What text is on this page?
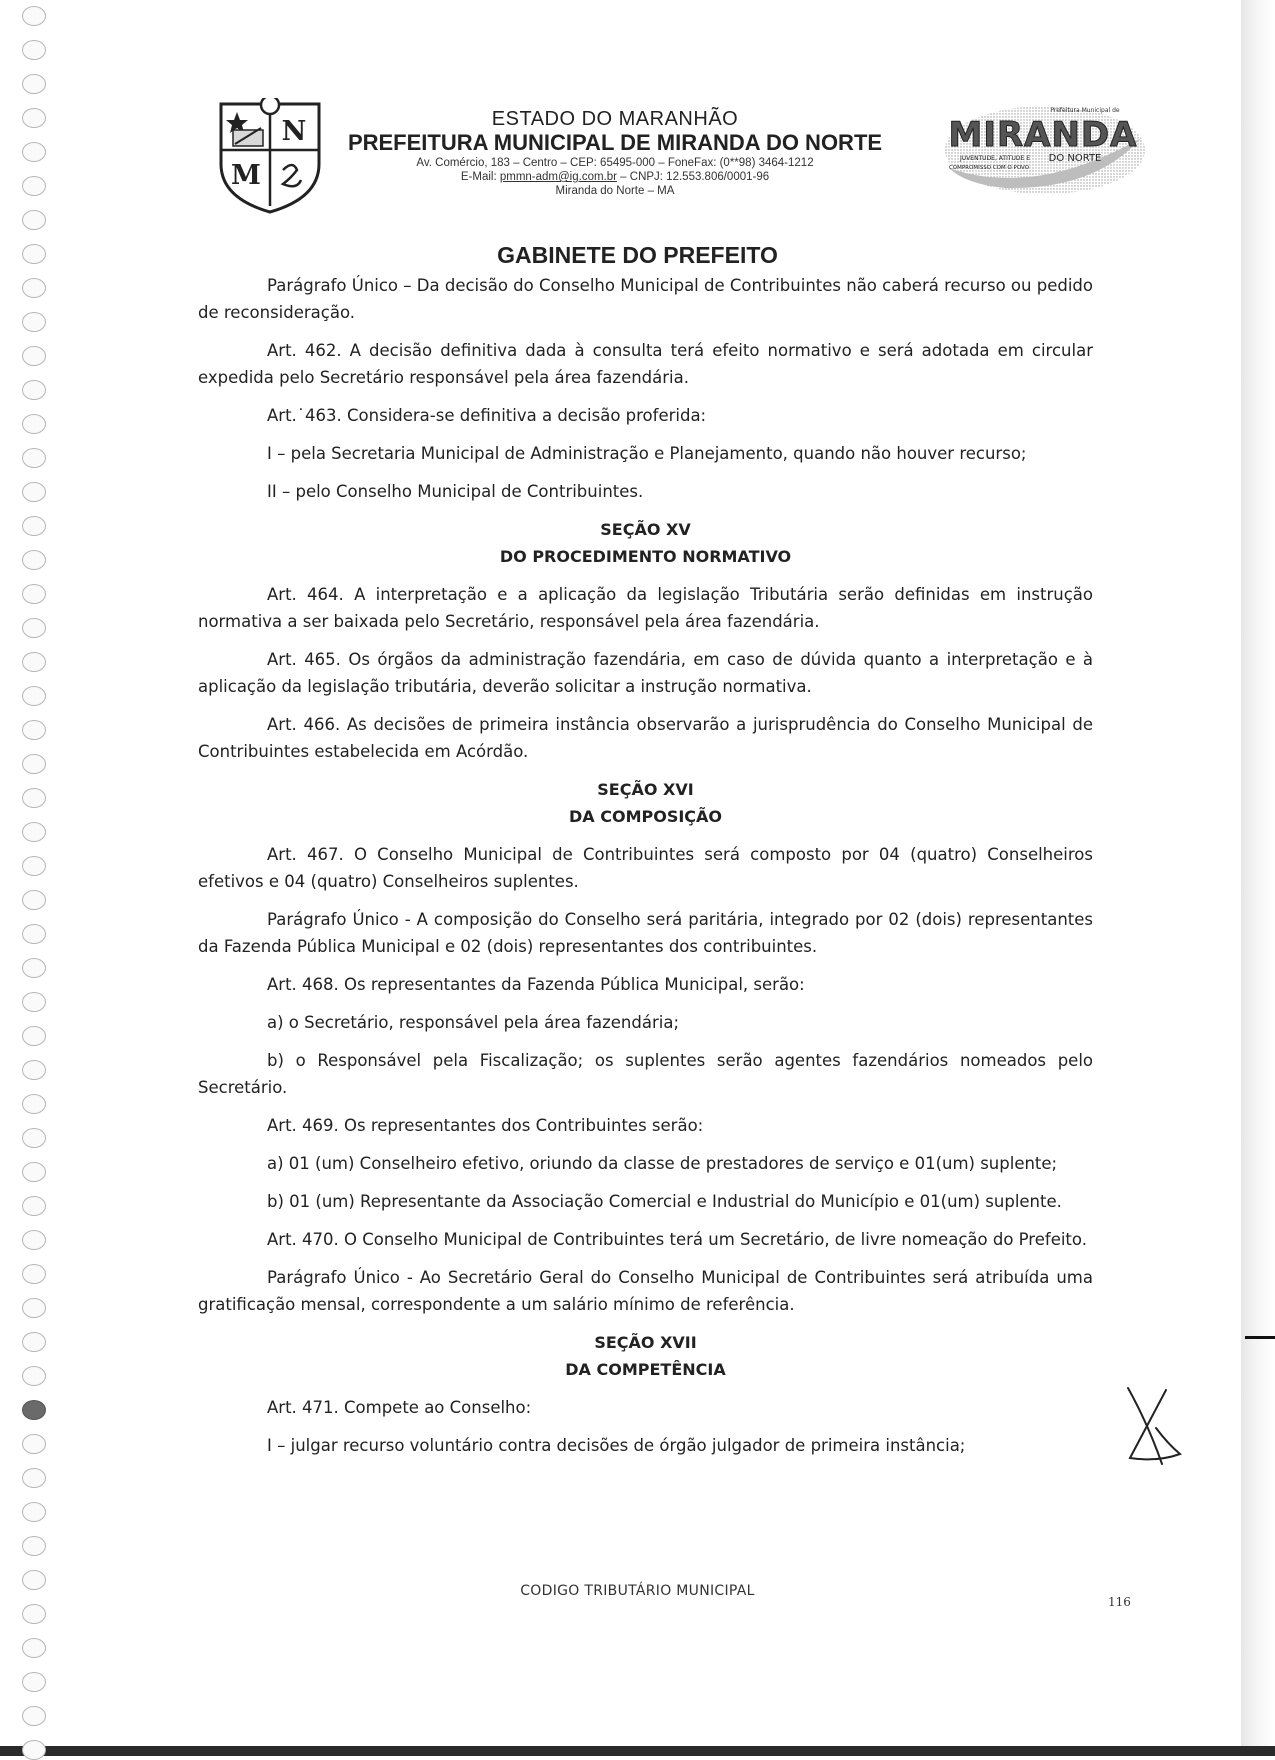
N
M
ESTADO DO MARANHÃO
PREFEITURA MUNICIPAL DE MIRANDA DO NORTE
Av. Comércio, 183 – Centro – CEP: 65495-000 – FoneFax: (0**98) 3464-1212
E-Mail: pmmn-adm@ig.com.br – CNPJ: 12.553.806/0001-96
Miranda do Norte – MA
Prefeitura Municipal de
MIRANDA
JUVENTUDE, ATITUDE E DO NORTE
COMPROMISSO COM O POVO
GABINETE DO PREFEITO

Parágrafo Único – Da decisão do Conselho Municipal de Contribuintes não caberá recurso ou pedido de reconsideração.

Art. 462. A decisão definitiva dada à consulta terá efeito normativo e será adotada em circular expedida pelo Secretário responsável pela área fazendária.

Art.˙463. Considera-se definitiva a decisão proferida:

I – pela Secretaria Municipal de Administração e Planejamento, quando não houver recurso;

II – pelo Conselho Municipal de Contribuintes.

SEÇÃO XV
DO PROCEDIMENTO NORMATIVO

Art. 464. A interpretação e a aplicação da legislação Tributária serão definidas em instrução normativa a ser baixada pelo Secretário, responsável pela área fazendária.

Art. 465. Os órgãos da administração fazendária, em caso de dúvida quanto a interpretação e à aplicação da legislação tributária, deverão solicitar a instrução normativa.

Art. 466. As decisões de primeira instância observarão a jurisprudência do Conselho Municipal de Contribuintes estabelecida em Acórdão.

SEÇÃO XVI
DA COMPOSIÇÃO

Art. 467. O Conselho Municipal de Contribuintes será composto por 04 (quatro) Conselheiros efetivos e 04 (quatro) Conselheiros suplentes.

Parágrafo Único - A composição do Conselho será paritária, integrado por 02 (dois) representantes da Fazenda Pública Municipal e 02 (dois) representantes dos contribuintes.

Art. 468. Os representantes da Fazenda Pública Municipal, serão:

a) o Secretário, responsável pela área fazendária;

b) o Responsável pela Fiscalização; os suplentes serão agentes fazendários nomeados pelo Secretário.

Art. 469. Os representantes dos Contribuintes serão:

a) 01 (um) Conselheiro efetivo, oriundo da classe de prestadores de serviço e 01(um) suplente;

b) 01 (um) Representante da Associação Comercial e Industrial do Município e 01(um) suplente.

Art. 470. O Conselho Municipal de Contribuintes terá um Secretário, de livre nomeação do Prefeito.

Parágrafo Único - Ao Secretário Geral do Conselho Municipal de Contribuintes será atribuída uma gratificação mensal, correspondente a um salário mínimo de referência.

SEÇÃO XVII
DA COMPETÊNCIA

Art. 471. Compete ao Conselho:

I – julgar recurso voluntário contra decisões de órgão julgador de primeira instância;

CODIGO TRIBUTÁRIO MUNICIPAL
116
